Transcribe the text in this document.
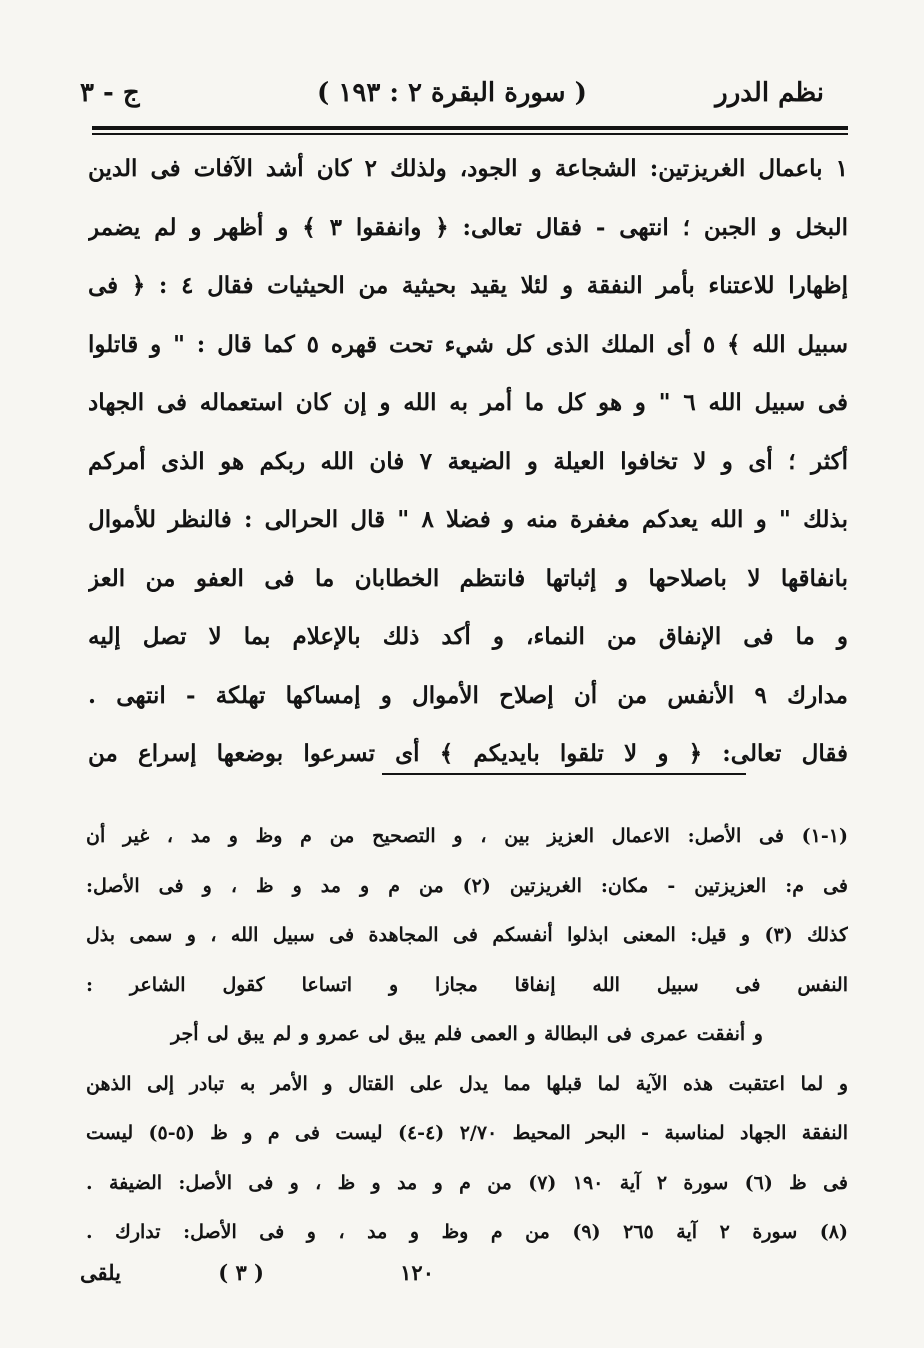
نظم الدرر
( سورة البقرة ٢ : ١٩٣ )
ج - ٣
١ باعمال الغريزتين: الشجاعة و الجود، ولذلك ٢ كان أشد الآفات فى الدين
البخل و الجبن ؛ انتهى - فقال تعالى: ﴿ وانفقوا ٣ ﴾ و أظهر و لم يضمر
إظهارا للاعتناء بأمر النفقة و لئلا يقيد بحيثية من الحيثيات فقال ٤ : ﴿ فى
سبيل الله ﴾ ٥ أى الملك الذى كل شيء تحت قهره ٥ كما قال : " و قاتلوا
فى سبيل الله ٦ " و هو كل ما أمر به الله و إن كان استعماله فى الجهاد
أكثر ؛ أى و لا تخافوا العيلة و الضيعة ٧ فان الله ربكم هو الذى أمركم
بذلك " و الله يعدكم مغفرة منه و فضلا ٨ " قال الحرالى : فالنظر للأموال
بانفاقها لا باصلاحها و إثباتها فانتظم الخطابان ما فى العفو من العز
و ما فى الإنفاق من النماء، و أكد ذلك بالإعلام بما لا تصل إليه
مدارك ٩ الأنفس من أن إصلاح الأموال و إمساكها تهلكة - انتهى .
فقال تعالى: ﴿ و لا تلقوا بايديكم ﴾ أى تسرعوا بوضعها إسراع من
(١-١) فى الأصل: الاعمال العزيز بين ، و التصحيح من م وظ و مد ، غير أن
فى م: العزيزتين - مكان: الغريزتين (٢) من م و مد و ظ ، و فى الأصل:
كذلك (٣) و قيل: المعنى ابذلوا أنفسكم فى المجاهدة فى سبيل الله ، و سمى بذل
النفس فى سبيل الله إنفاقا مجازا و اتساعا كقول الشاعر :
و أنفقت عمرى فى البطالة و العمى فلم يبق لى عمرو و لم يبق لى أجر
و لما اعتقبت هذه الآية لما قبلها مما يدل على القتال و الأمر به تبادر إلى الذهن
النفقة الجهاد لمناسبة - البحر المحيط ٢/٧٠ (٤-٤) ليست فى م و ظ (٥-٥) ليست
فى ظ (٦) سورة ٢ آية ١٩٠ (٧) من م و مد و ظ ، و فى الأصل: الضيفة .
(٨) سورة ٢ آية ٢٦٥ (٩) من م وظ و مد ، و فى الأصل: تدارك .
١٢٠
( ٣ )
يلقى
